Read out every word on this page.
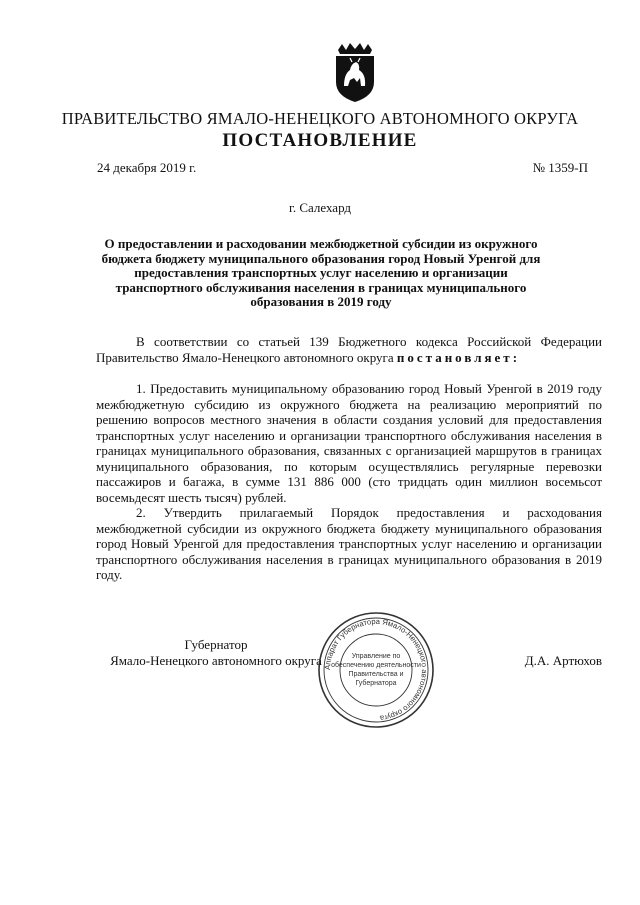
ПРАВИТЕЛЬСТВО ЯМАЛО-НЕНЕЦКОГО АВТОНОМНОГО ОКРУГА
ПОСТАНОВЛЕНИЕ
24 декабря 2019 г.	№ 1359-П
г. Салехард
О предоставлении и расходовании межбюджетной субсидии из окружного бюджета бюджету муниципального образования город Новый Уренгой для предоставления транспортных услуг населению и организации транспортного обслуживания населения в границах муниципального образования в 2019 году

В соответствии со статьей 139 Бюджетного кодекса Российской Федерации Правительство Ямало-Ненецкого автономного округа постановляет:

1. Предоставить муниципальному образованию город Новый Уренгой в 2019 году межбюджетную субсидию из окружного бюджета на реализацию мероприятий по решению вопросов местного значения в области создания условий для предоставления транспортных услуг населению и организации транспортного обслуживания населения в границах муниципального образования, связанных с организацией маршрутов в границах муниципального образования, по которым осуществлялись регулярные перевозки пассажиров и багажа, в сумме 131 886 000 (сто тридцать один миллион восемьсот восемьдесят шесть тысяч) рублей.

2. Утвердить прилагаемый Порядок предоставления и расходования межбюджетной субсидии из окружного бюджета бюджету муниципального образования город Новый Уренгой для предоставления транспортных услуг населению и организации транспортного обслуживания населения в границах муниципального образования в 2019 году.

Губернатор
Ямало-Ненецкого автономного округа Аппарат Губернатора Ямало-Ненецкого автономного округа
Управление по обеспечению деятельности Правительства и Губернатора
Д.А. Артюхов
